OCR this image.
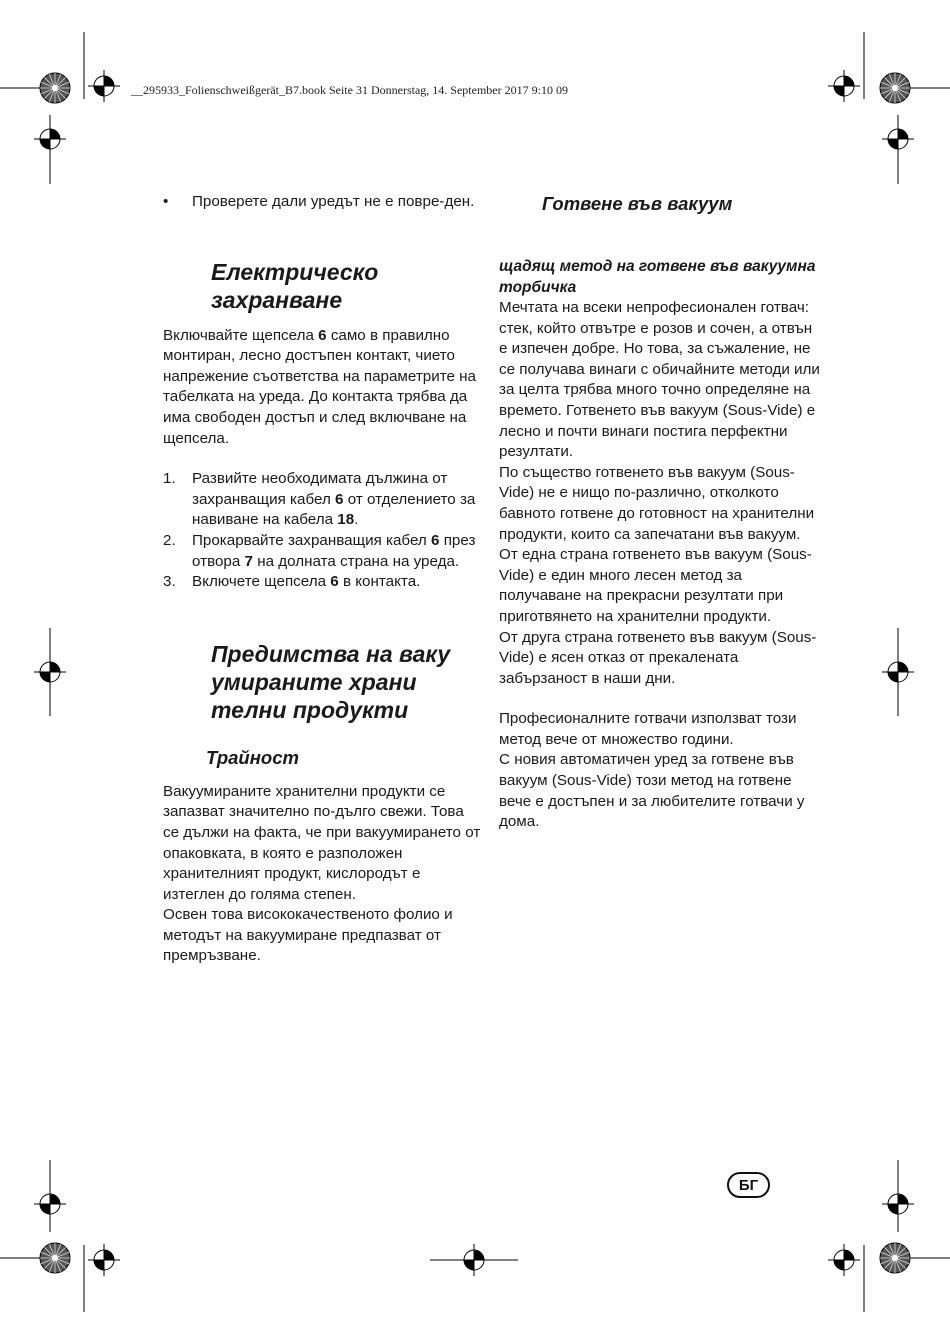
__295933_Folienschweißgerät_B7.book Seite 31 Donnerstag, 14. September 2017 9:10 09
•	Проверете дали уредът не е повре-ден.
Електрическо
захранване

Включвайте щепсела 6 само в правилно монтиран, лесно достъпен контакт, чието напрежение съответства на параметрите на табелката на уреда. До контакта трябва да има свободен достъп и след включване на щепсела.

1.	Развийте необходимата дължина от захранващия кабел 6 от отделението за навиване на кабела 18.
2.	Прокарвайте захранващия кабел 6 през отвора 7 на долната страна на уреда.
3.	Включете щепсела 6 в контакта.
Предимства на ваку
умираните храни
телни продукти
Трайност

Вакуумираните хранителни продукти се запазват значително по-дълго свежи. Това се дължи на факта, че при вакуумирането от опаковката, в която е разположен хранителният продукт, кислородът е изтеглен до голяма степен.

Освен това висококачественото фолио и методът на вакуумиране предпазват от премръзване.

Готвене във вакуум
щадящ метод на готвене във вакуумна торбичка

Мечтата на всеки непрофесионален готвач: стек, който отвътре е розов и сочен, а отвън е изпечен добре. Но това, за съжаление, не се получава винаги с обичайните методи или за целта трябва много точно определяне на времето. Готвенето във вакуум (Sous-Vide) е лесно и почти винаги постига перфектни резултати.

По същество готвенето във вакуум (Sous-Vide) не е нищо по-различно, отколкото бавното готвене до готовност на хранителни продукти, които са запечатани във вакуум.

От една страна готвенето във вакуум (Sous-Vide) е един много лесен метод за получаване на прекрасни резултати при приготвянето на хранителни продукти.

От друга страна готвенето във вакуум (Sous-Vide) е ясен отказ от прекалената забързаност в наши дни.

Професионалните готвачи използват този метод вече от множество години.

С новия автоматичен уред за готвене във вакуум (Sous-Vide) този метод на готвене вече е достъпен и за любителите готвачи у дома.

БГ
